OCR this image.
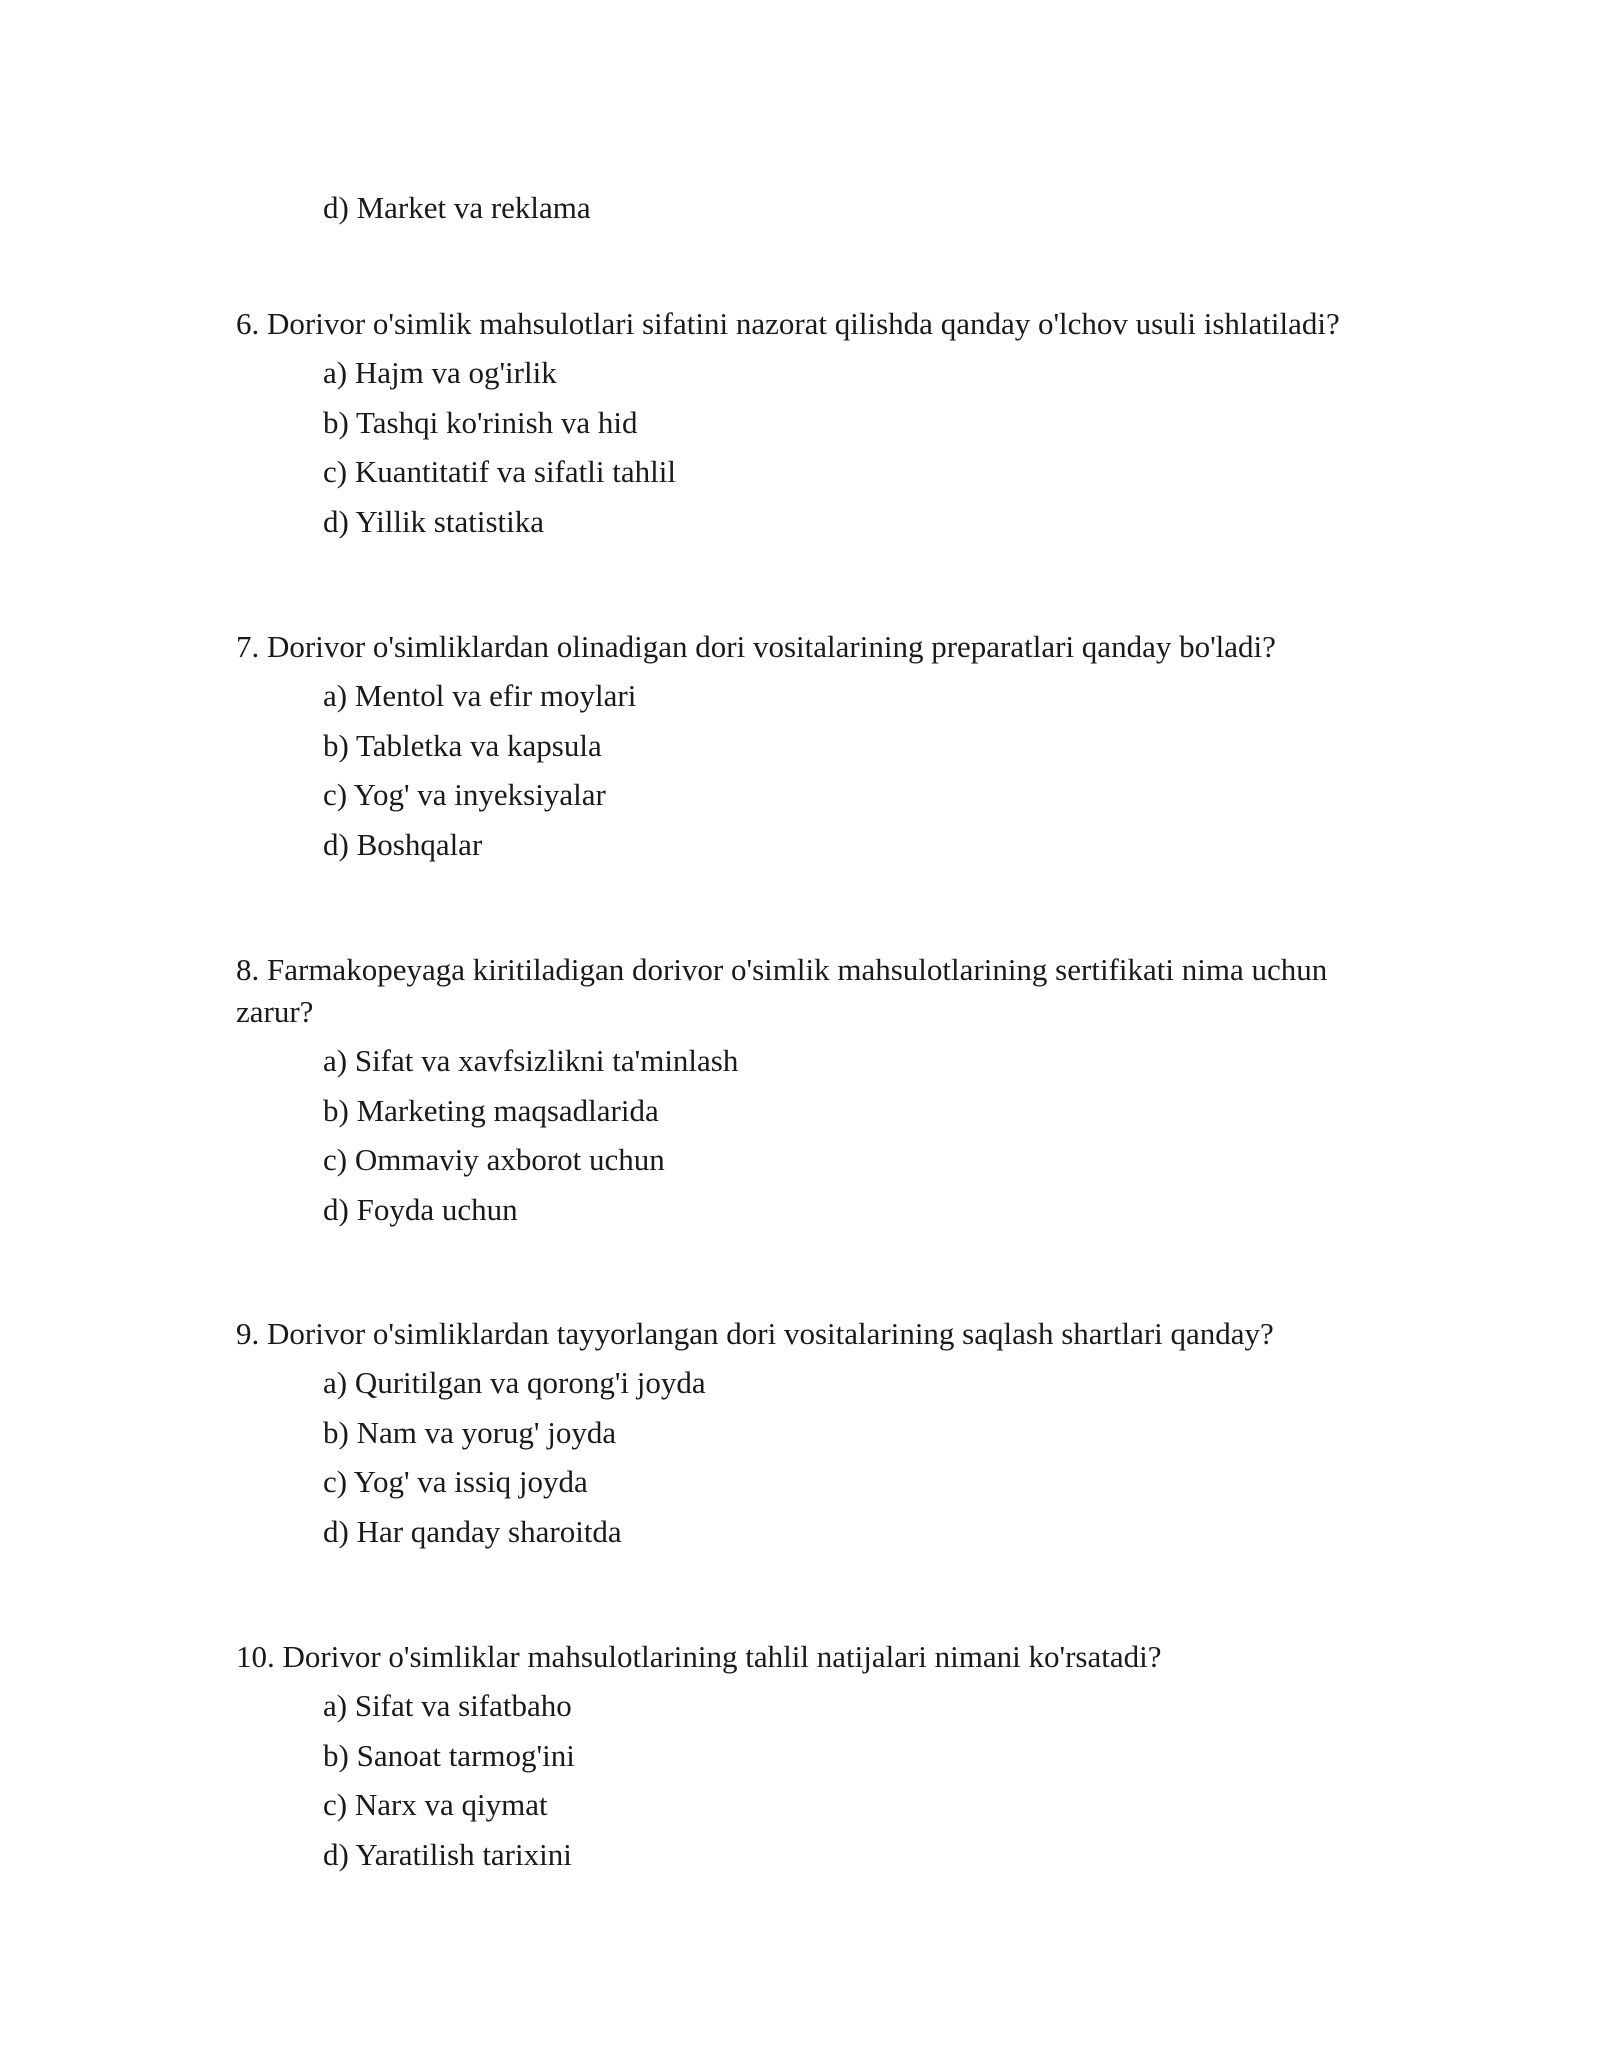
d) Market va reklama

6. Dorivor o'simlik mahsulotlari sifatini nazorat qilishda qanday o'lchov usuli ishlatiladi?

a) Hajm va og'irlik
b) Tashqi ko'rinish va hid
c) Kuantitatif va sifatli tahlil
d) Yillik statistika

7. Dorivor o'simliklardan olinadigan dori vositalarining preparatlari qanday bo'ladi?

a) Mentol va efir moylari
b) Tabletka va kapsula
c) Yog' va inyeksiyalar
d) Boshqalar

8. Farmakopeyaga kiritiladigan dorivor o'simlik mahsulotlarining sertifikati nima uchun zarur?

a) Sifat va xavfsizlikni ta'minlash
b) Marketing maqsadlarida
c) Ommaviy axborot uchun
d) Foyda uchun

9. Dorivor o'simliklardan tayyorlangan dori vositalarining saqlash shartlari qanday?

a) Quritilgan va qorong'i joyda
b) Nam va yorug' joyda
c) Yog' va issiq joyda
d) Har qanday sharoitda

10. Dorivor o'simliklar mahsulotlarining tahlil natijalari nimani ko'rsatadi?

a) Sifat va sifatbaho
b) Sanoat tarmog'ini
c) Narx va qiymat
d) Yaratilish tarixini
